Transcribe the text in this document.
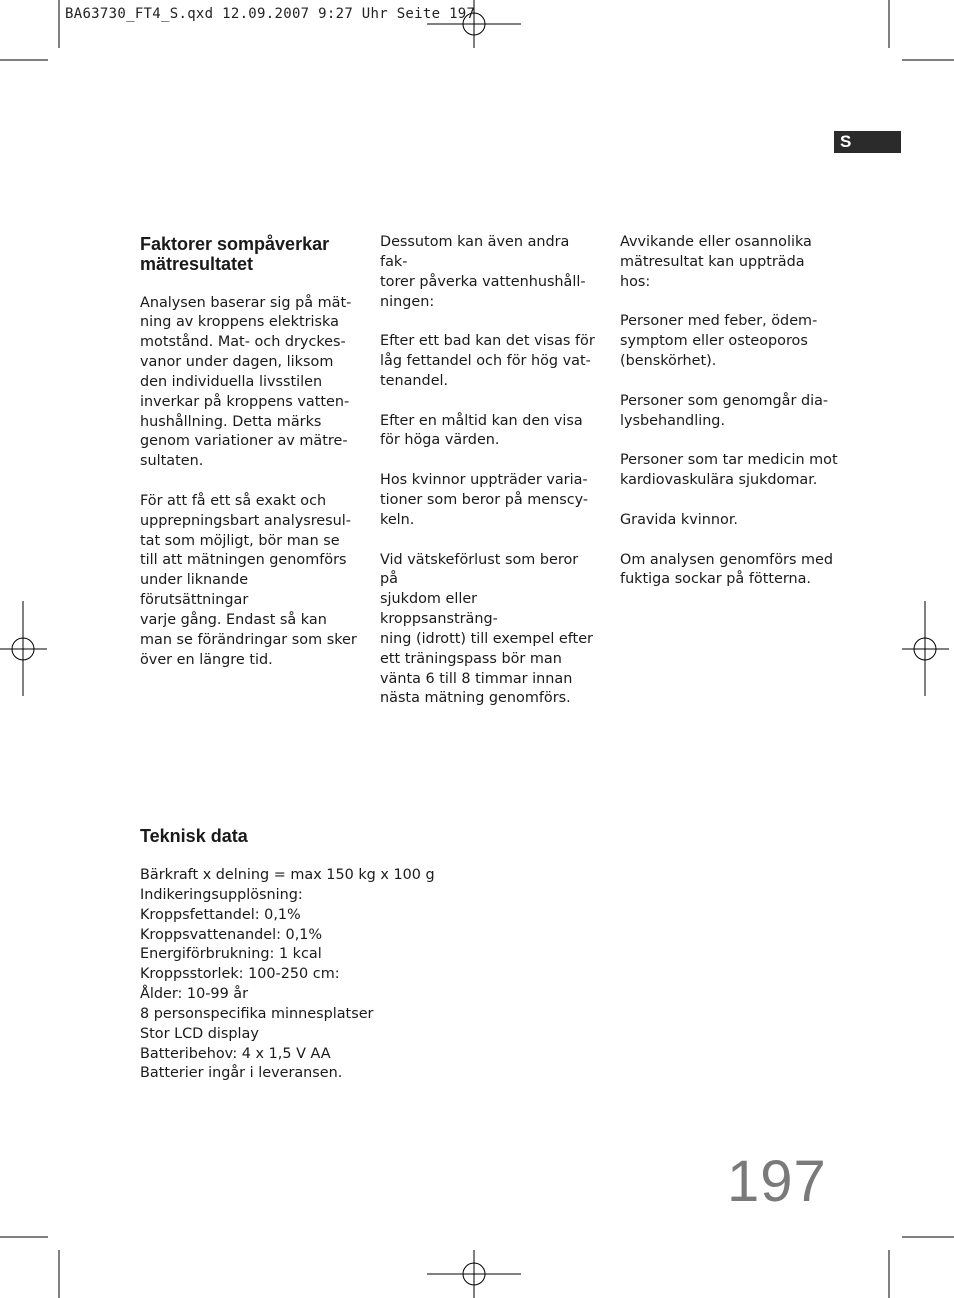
BA63730_FT4_S.qxd 12.09.2007 9:27 Uhr Seite 197
S
Faktorer sompåverkar
mätresultatet

Analysen baserar sig på mät-
ning av kroppens elektriska
motstånd. Mat- och dryckes-
vanor under dagen, liksom
den individuella livsstilen
inverkar på kroppens vatten-
hushållning. Detta märks
genom variationer av mätre-
sultaten.

För att få ett så exakt och
upprepningsbart analysresul-
tat som möjligt, bör man se
till att mätningen genomförs
under liknande förutsättningar
varje gång. Endast så kan
man se förändringar som sker
över en längre tid.

Dessutom kan även andra fak-
torer påverka vattenhushåll-
ningen:

Efter ett bad kan det visas för
låg fettandel och för hög vat-
tenandel.

Efter en måltid kan den visa
för höga värden.

Hos kvinnor uppträder varia-
tioner som beror på menscy-
keln.

Vid vätskeförlust som beror på
sjukdom eller kroppsansträng-
ning (idrott) till exempel efter
ett träningspass bör man
vänta 6 till 8 timmar innan
nästa mätning genomförs.

Avvikande eller osannolika
mätresultat kan uppträda hos:

Personer med feber, ödem-
symptom eller osteoporos
(benskörhet).

Personer som genomgår dia-
lysbehandling.

Personer som tar medicin mot
kardiovaskulära sjukdomar.

Gravida kvinnor.

Om analysen genomförs med
fuktiga sockar på fötterna.

Teknisk data
Bärkraft x delning = max 150 kg x 100 g
Indikeringsupplösning:
Kroppsfettandel: 0,1%
Kroppsvattenandel: 0,1%
Energiförbrukning: 1 kcal
Kroppsstorlek: 100-250 cm:
Ålder: 10-99 år
8 personspecifika minnesplatser
Stor LCD display
Batteribehov: 4 x 1,5 V AA
Batterier ingår i leveransen.
197
